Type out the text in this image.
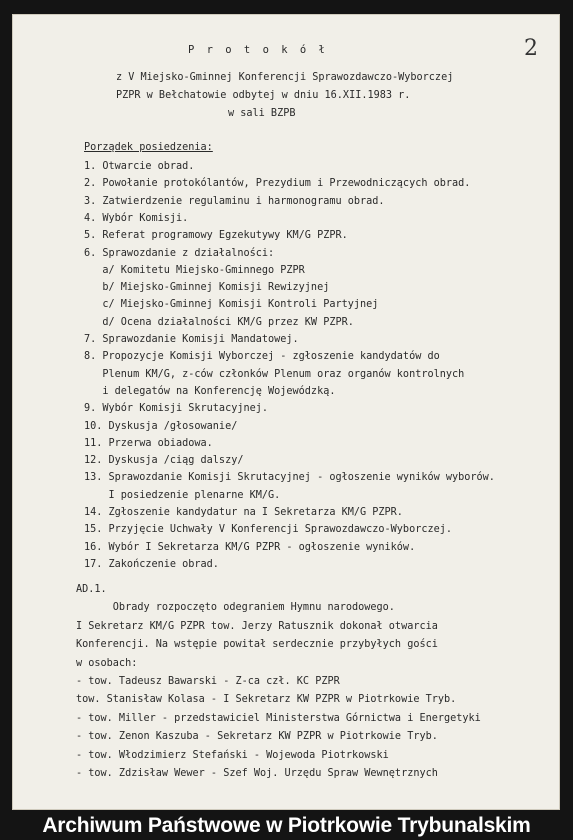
2
P r o t o k ó ł
z V Miejsko-Gminnej Konferencji Sprawozdawczo-Wyborczej
PZPR w Bełchatowie odbytej w dniu 16.XII.1983 r.
w sali BZPB
Porządek posiedzenia:
1. Otwarcie obrad.
2. Powołanie protokólantów, Prezydium i Przewodniczących obrad.
3. Zatwierdzenie regulaminu i harmonogramu obrad.
4. Wybór Komisji.
5. Referat programowy Egzekutywy KM/G PZPR.
6. Sprawozdanie z działalności:
a/ Komitetu Miejsko-Gminnego PZPR
b/ Miejsko-Gminnej Komisji Rewizyjnej
c/ Miejsko-Gminnej Komisji Kontroli Partyjnej
d/ Ocena działalności KM/G przez KW PZPR.
7. Sprawozdanie Komisji Mandatowej.
8. Propozycje Komisji Wyborczej - zgłoszenie kandydatów do
Plenum KM/G, z-ców członków Plenum oraz organów kontrolnych
i delegatów na Konferencję Wojewódzką.
9. Wybór Komisji Skrutacyjnej.
10. Dyskusja /głosowanie/
11. Przerwa obiadowa.
12. Dyskusja /ciąg dalszy/
13. Sprawozdanie Komisji Skrutacyjnej - ogłoszenie wyników wyborów.
I posiedzenie plenarne KM/G.
14. Zgłoszenie kandydatur na I Sekretarza KM/G PZPR.
15. Przyjęcie Uchwały V Konferencji Sprawozdawczo-Wyborczej.
16. Wybór I Sekretarza KM/G PZPR - ogłoszenie wyników.
17. Zakończenie obrad.
AD.1.
Obrady rozpoczęto odegraniem Hymnu narodowego.
I Sekretarz KM/G PZPR tow. Jerzy Ratusznik dokonał otwarcia
Konferencji. Na wstępie powitał serdecznie przybyłych gości
w osobach:
- tow. Tadeusz Bawarski - Z-ca czł. KC PZPR
tow. Stanisław Kolasa - I Sekretarz KW PZPR w Piotrkowie Tryb.
- tow. Miller - przedstawiciel Ministerstwa Górnictwa i Energetyki
- tow. Zenon Kaszuba - Sekretarz KW PZPR w Piotrkowie Tryb.
- tow. Włodzimierz Stefański - Wojewoda Piotrkowski
- tow. Zdzisław Wewer - Szef Woj. Urzędu Spraw Wewnętrznych
Archiwum Państwowe w Piotrkowie Trybunalskim
